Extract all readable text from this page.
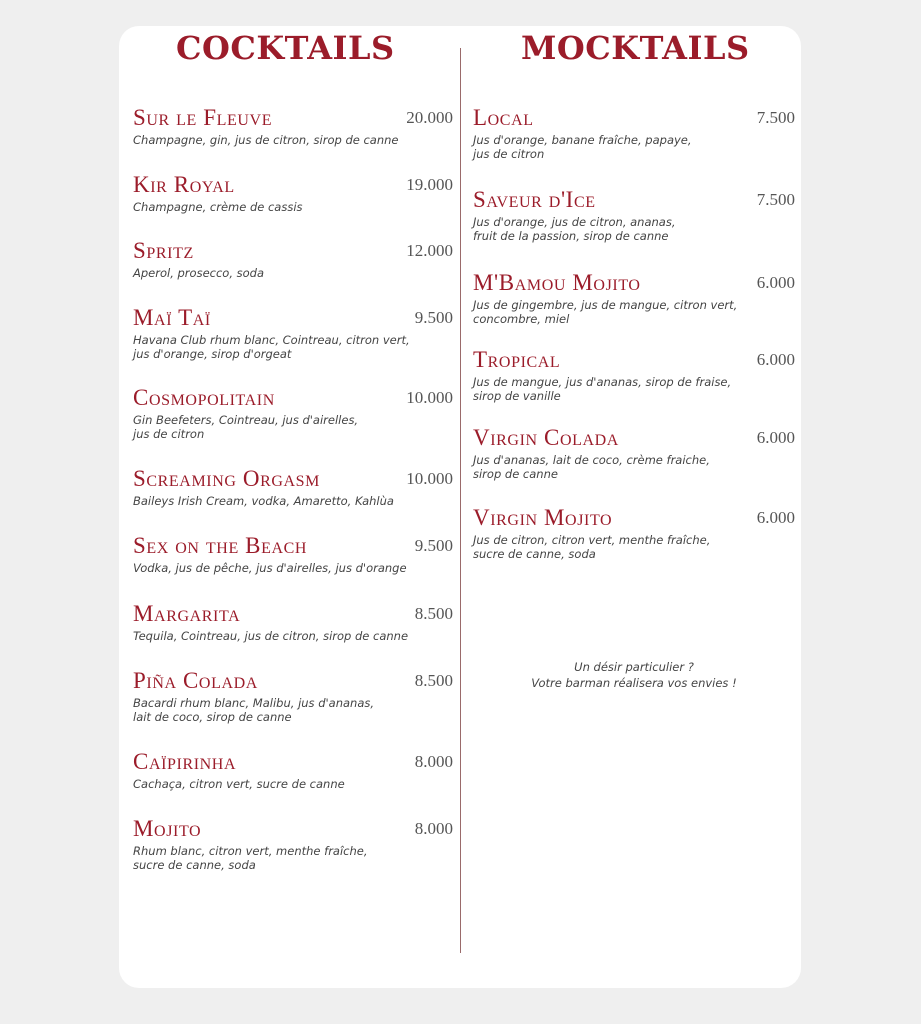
COCKTAILS	MOCKTAILS
Sur le Fleuve	20.000
Champagne, gin, jus de citron, sirop de canne
Kir Royal	19.000
Champagne, crème de cassis
Spritz	12.000
Aperol, prosecco, soda
Maï Taï	9.500
Havana Club rhum blanc, Cointreau, citron vert,
jus d'orange, sirop d'orgeat
Cosmopolitain	10.000
Gin Beefeters, Cointreau, jus d'airelles,
jus de citron
Screaming Orgasm	10.000
Baileys Irish Cream, vodka, Amaretto, Kahlùa
Sex on the Beach	9.500
Vodka, jus de pêche, jus d'airelles, jus d'orange
Margarita	8.500
Tequila, Cointreau, jus de citron, sirop de canne
Piña Colada	8.500
Bacardi rhum blanc, Malibu, jus d'ananas,
lait de coco, sirop de canne
Caïpirinha	8.000
Cachaça, citron vert, sucre de canne
Mojito	8.000
Rhum blanc, citron vert, menthe fraîche,
sucre de canne, soda
Local	7.500
Jus d'orange, banane fraîche, papaye,
jus de citron
Saveur d'Ice	7.500
Jus d'orange, jus de citron, ananas,
fruit de la passion, sirop de canne
M'Bamou Mojito	6.000
Jus de gingembre, jus de mangue, citron vert,
concombre, miel
Tropical	6.000
Jus de mangue, jus d'ananas, sirop de fraise,
sirop de vanille
Virgin Colada	6.000
Jus d'ananas, lait de coco, crème fraiche,
sirop de canne
Virgin Mojito	6.000
Jus de citron, citron vert, menthe fraîche,
sucre de canne, soda
Un désir particulier ?
Votre barman réalisera vos envies !
